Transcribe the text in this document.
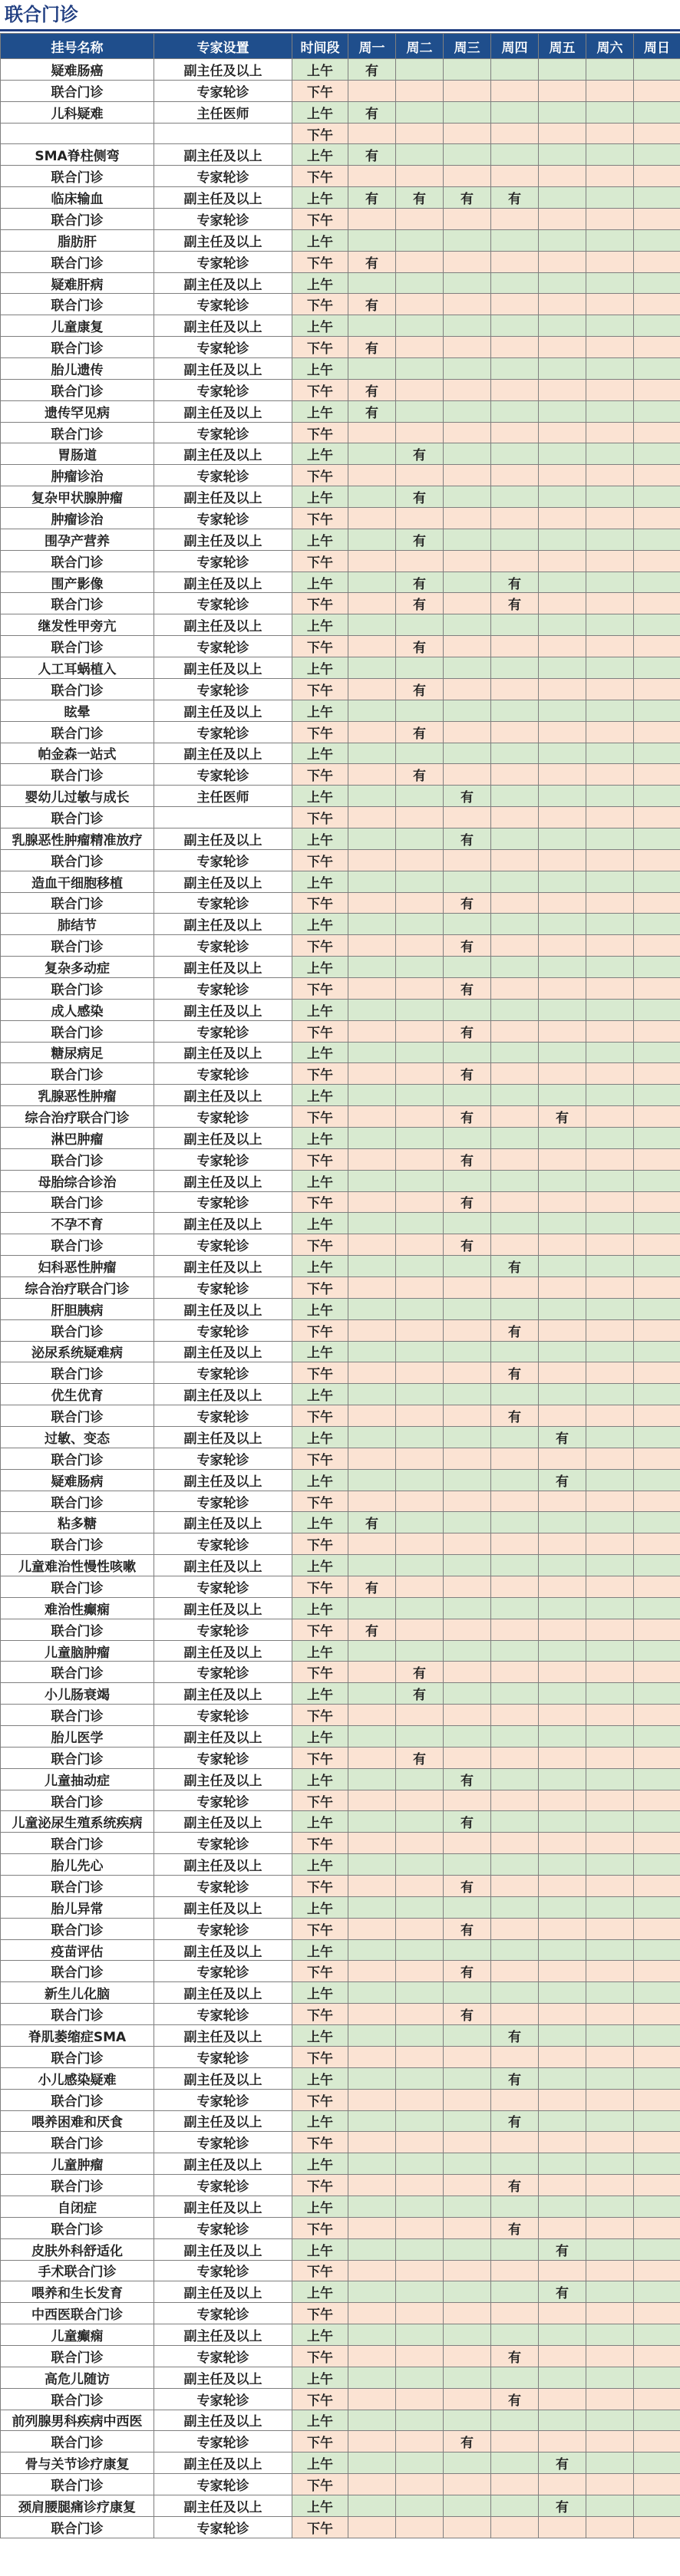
联合门诊
挂号名称	专家设置	时间段	周一	周二	周三	周四	周五	周六	周日
疑难肠癌	副主任及以上	上午	有						
联合门诊	专家轮诊	下午							
儿科疑难	主任医师	上午	有						
		下午							
SMA脊柱侧弯	副主任及以上	上午	有						
联合门诊	专家轮诊	下午							
临床输血	副主任及以上	上午	有	有	有	有			
联合门诊	专家轮诊	下午							
脂肪肝	副主任及以上	上午							
联合门诊	专家轮诊	下午	有						
疑难肝病	副主任及以上	上午							
联合门诊	专家轮诊	下午	有						
儿童康复	副主任及以上	上午							
联合门诊	专家轮诊	下午	有						
胎儿遗传	副主任及以上	上午							
联合门诊	专家轮诊	下午	有						
遗传罕见病	副主任及以上	上午	有						
联合门诊	专家轮诊	下午							
胃肠道	副主任及以上	上午		有					
肿瘤诊治	专家轮诊	下午							
复杂甲状腺肿瘤	副主任及以上	上午		有					
肿瘤诊治	专家轮诊	下午							
围孕产营养	副主任及以上	上午		有					
联合门诊	专家轮诊	下午							
围产影像	副主任及以上	上午		有		有			
联合门诊	专家轮诊	下午		有		有			
继发性甲旁亢	副主任及以上	上午							
联合门诊	专家轮诊	下午		有					
人工耳蜗植入	副主任及以上	上午							
联合门诊	专家轮诊	下午		有					
眩晕	副主任及以上	上午							
联合门诊	专家轮诊	下午		有					
帕金森一站式	副主任及以上	上午							
联合门诊	专家轮诊	下午		有					
婴幼儿过敏与成长	主任医师	上午			有				
联合门诊		下午							
乳腺恶性肿瘤精准放疗	副主任及以上	上午			有				
联合门诊	专家轮诊	下午							
造血干细胞移植	副主任及以上	上午							
联合门诊	专家轮诊	下午			有				
肺结节	副主任及以上	上午							
联合门诊	专家轮诊	下午			有				
复杂多动症	副主任及以上	上午							
联合门诊	专家轮诊	下午			有				
成人感染	副主任及以上	上午							
联合门诊	专家轮诊	下午			有				
糖尿病足	副主任及以上	上午							
联合门诊	专家轮诊	下午			有				
乳腺恶性肿瘤	副主任及以上	上午							
综合治疗联合门诊	专家轮诊	下午			有		有		
淋巴肿瘤	副主任及以上	上午							
联合门诊	专家轮诊	下午			有				
母胎综合诊治	副主任及以上	上午							
联合门诊	专家轮诊	下午			有				
不孕不育	副主任及以上	上午							
联合门诊	专家轮诊	下午			有				
妇科恶性肿瘤	副主任及以上	上午				有			
综合治疗联合门诊	专家轮诊	下午							
肝胆胰病	副主任及以上	上午							
联合门诊	专家轮诊	下午				有			
泌尿系统疑难病	副主任及以上	上午							
联合门诊	专家轮诊	下午				有			
优生优育	副主任及以上	上午							
联合门诊	专家轮诊	下午				有			
过敏、变态	副主任及以上	上午					有		
联合门诊	专家轮诊	下午							
疑难肠病	副主任及以上	上午					有		
联合门诊	专家轮诊	下午							
粘多糖	副主任及以上	上午	有						
联合门诊	专家轮诊	下午							
儿童难治性慢性咳嗽	副主任及以上	上午							
联合门诊	专家轮诊	下午	有						
难治性癫痫	副主任及以上	上午							
联合门诊	专家轮诊	下午	有						
儿童脑肿瘤	副主任及以上	上午							
联合门诊	专家轮诊	下午		有					
小儿肠衰竭	副主任及以上	上午		有					
联合门诊	专家轮诊	下午							
胎儿医学	副主任及以上	上午							
联合门诊	专家轮诊	下午		有					
儿童抽动症	副主任及以上	上午			有				
联合门诊	专家轮诊	下午							
儿童泌尿生殖系统疾病	副主任及以上	上午			有				
联合门诊	专家轮诊	下午							
胎儿先心	副主任及以上	上午							
联合门诊	专家轮诊	下午			有				
胎儿异常	副主任及以上	上午							
联合门诊	专家轮诊	下午			有				
疫苗评估	副主任及以上	上午							
联合门诊	专家轮诊	下午			有				
新生儿化脑	副主任及以上	上午							
联合门诊	专家轮诊	下午			有				
脊肌萎缩症SMA	副主任及以上	上午				有			
联合门诊	专家轮诊	下午							
小儿感染疑难	副主任及以上	上午				有			
联合门诊	专家轮诊	下午							
喂养困难和厌食	副主任及以上	上午				有			
联合门诊	专家轮诊	下午							
儿童肿瘤	副主任及以上	上午							
联合门诊	专家轮诊	下午				有			
自闭症	副主任及以上	上午							
联合门诊	专家轮诊	下午				有			
皮肤外科舒适化	副主任及以上	上午					有		
手术联合门诊	专家轮诊	下午							
喂养和生长发育	副主任及以上	上午					有		
中西医联合门诊	专家轮诊	下午							
儿童癫痫	副主任及以上	上午							
联合门诊	专家轮诊	下午				有			
高危儿随访	副主任及以上	上午							
联合门诊	专家轮诊	下午				有			
前列腺男科疾病中西医	副主任及以上	上午							
联合门诊	专家轮诊	下午			有				
骨与关节诊疗康复	副主任及以上	上午					有		
联合门诊	专家轮诊	下午							
颈肩腰腿痛诊疗康复	副主任及以上	上午					有		
联合门诊	专家轮诊	下午							
